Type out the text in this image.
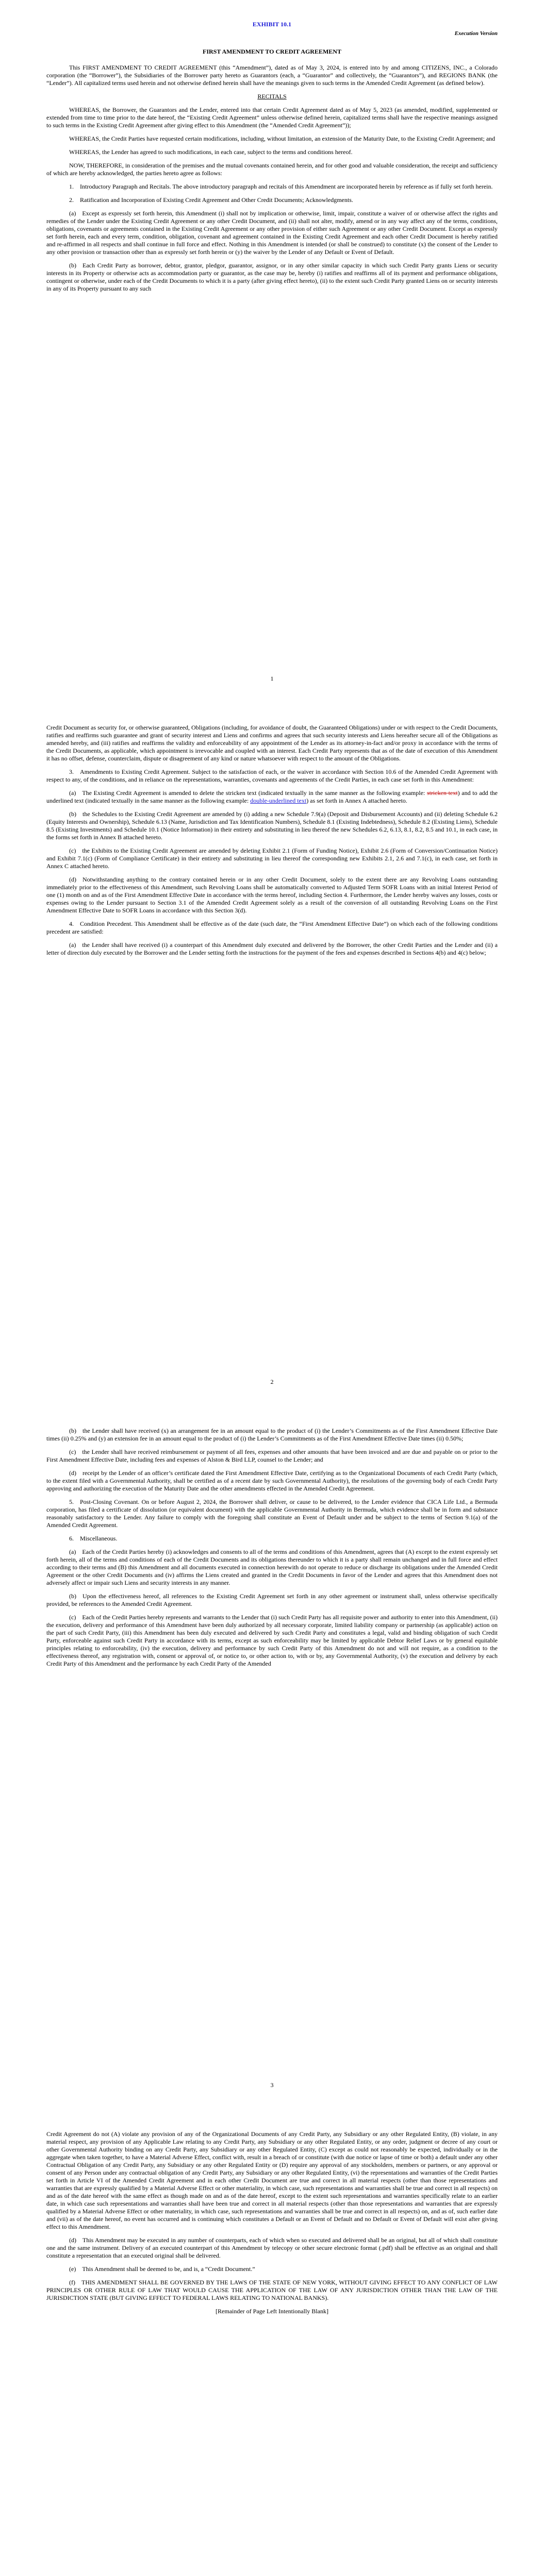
EXHIBIT 10.1

Execution Version

FIRST AMENDMENT TO CREDIT AGREEMENT

This FIRST AMENDMENT TO CREDIT AGREEMENT (this “Amendment”), dated as of May 3, 2024, is entered into by and among CITIZENS, INC., a Colorado corporation (the “Borrower”), the Subsidiaries of the Borrower party hereto as Guarantors (each, a “Guarantor” and collectively, the “Guarantors”), and REGIONS BANK (the “Lender”). All capitalized terms used herein and not otherwise defined herein shall have the meanings given to such terms in the Amended Credit Agreement (as defined below).

RECITALS

WHEREAS, the Borrower, the Guarantors and the Lender, entered into that certain Credit Agreement dated as of May 5, 2023 (as amended, modified, supplemented or extended from time to time prior to the date hereof, the “Existing Credit Agreement” unless otherwise defined herein, capitalized terms shall have the respective meanings assigned to such terms in the Existing Credit Agreement after giving effect to this Amendment (the “Amended Credit Agreement”));

WHEREAS, the Credit Parties have requested certain modifications, including, without limitation, an extension of the Maturity Date, to the Existing Credit Agreement; and

WHEREAS, the Lender has agreed to such modifications, in each case, subject to the terms and conditions hereof.

NOW, THEREFORE, in consideration of the premises and the mutual covenants contained herein, and for other good and valuable consideration, the receipt and sufficiency of which are hereby acknowledged, the parties hereto agree as follows:

1. Introductory Paragraph and Recitals. The above introductory paragraph and recitals of this Amendment are incorporated herein by reference as if fully set forth herein.

2. Ratification and Incorporation of Existing Credit Agreement and Other Credit Documents; Acknowledgments.

(a) Except as expressly set forth herein, this Amendment (i) shall not by implication or otherwise, limit, impair, constitute a waiver of or otherwise affect the rights and remedies of the Lender under the Existing Credit Agreement or any other Credit Document, and (ii) shall not alter, modify, amend or in any way affect any of the terms, conditions, obligations, covenants or agreements contained in the Existing Credit Agreement or any other provision of either such Agreement or any other Credit Document. Except as expressly set forth herein, each and every term, condition, obligation, covenant and agreement contained in the Existing Credit Agreement and each other Credit Document is hereby ratified and re-affirmed in all respects and shall continue in full force and effect. Nothing in this Amendment is intended (or shall be construed) to constitute (x) the consent of the Lender to any other provision or transaction other than as expressly set forth herein or (y) the waiver by the Lender of any Default or Event of Default.

(b) Each Credit Party as borrower, debtor, grantor, pledgor, guarantor, assignor, or in any other similar capacity in which such Credit Party grants Liens or security interests in its Property or otherwise acts as accommodation party or guarantor, as the case may be, hereby (i) ratifies and reaffirms all of its payment and performance obligations, contingent or otherwise, under each of the Credit Documents to which it is a party (after giving effect hereto), (ii) to the extent such Credit Party granted Liens on or security interests in any of its Property pursuant to any such

1

Credit Document as security for, or otherwise guaranteed, Obligations (including, for avoidance of doubt, the Guaranteed Obligations) under or with respect to the Credit Documents, ratifies and reaffirms such guarantee and grant of security interest and Liens and confirms and agrees that such security interests and Liens hereafter secure all of the Obligations as amended hereby, and (iii) ratifies and reaffirms the validity and enforceability of any appointment of the Lender as its attorney-in-fact and/or proxy in accordance with the terms of the Credit Documents, as applicable, which appointment is irrevocable and coupled with an interest. Each Credit Party represents that as of the date of execution of this Amendment it has no offset, defense, counterclaim, dispute or disagreement of any kind or nature whatsoever with respect to the amount of the Obligations.

3. Amendments to Existing Credit Agreement. Subject to the satisfaction of each, or the waiver in accordance with Section 10.6 of the Amended Credit Agreement with respect to any, of the conditions, and in reliance on the representations, warranties, covenants and agreements of the Credit Parties, in each case set forth in this Amendment:

(a) The Existing Credit Agreement is amended to delete the stricken text (indicated textually in the same manner as the following example: stricken text) and to add the underlined text (indicated textually in the same manner as the following example: double-underlined text) as set forth in Annex A attached hereto.

(b) the Schedules to the Existing Credit Agreement are amended by (i) adding a new Schedule 7.9(a) (Deposit and Disbursement Accounts) and (ii) deleting Schedule 6.2 (Equity Interests and Ownership), Schedule 6.13 (Name, Jurisdiction and Tax Identification Numbers), Schedule 8.1 (Existing Indebtedness), Schedule 8.2 (Existing Liens), Schedule 8.5 (Existing Investments) and Schedule 10.1 (Notice Information) in their entirety and substituting in lieu thereof the new Schedules 6.2, 6.13, 8.1, 8.2, 8.5 and 10.1, in each case, in the forms set forth in Annex B attached hereto.

(c) the Exhibits to the Existing Credit Agreement are amended by deleting Exhibit 2.1 (Form of Funding Notice), Exhibit 2.6 (Form of Conversion/Continuation Notice) and Exhibit 7.1(c) (Form of Compliance Certificate) in their entirety and substituting in lieu thereof the corresponding new Exhibits 2.1, 2.6 and 7.1(c), in each case, set forth in Annex C attached hereto.

(d) Notwithstanding anything to the contrary contained herein or in any other Credit Document, solely to the extent there are any Revolving Loans outstanding immediately prior to the effectiveness of this Amendment, such Revolving Loans shall be automatically converted to Adjusted Term SOFR Loans with an initial Interest Period of one (1) month on and as of the First Amendment Effective Date in accordance with the terms hereof, including Section 4. Furthermore, the Lender hereby waives any losses, costs or expenses owing to the Lender pursuant to Section 3.1 of the Amended Credit Agreement solely as a result of the conversion of all outstanding Revolving Loans on the First Amendment Effective Date to SOFR Loans in accordance with this Section 3(d).

4. Condition Precedent. This Amendment shall be effective as of the date (such date, the “First Amendment Effective Date”) on which each of the following conditions precedent are satisfied:

(a) the Lender shall have received (i) a counterpart of this Amendment duly executed and delivered by the Borrower, the other Credit Parties and the Lender and (ii) a letter of direction duly executed by the Borrower and the Lender setting forth the instructions for the payment of the fees and expenses described in Sections 4(b) and 4(c) below;

2

(b) the Lender shall have received (x) an arrangement fee in an amount equal to the product of (i) the Lender’s Commitments as of the First Amendment Effective Date times (ii) 0.25% and (y) an extension fee in an amount equal to the product of (i) the Lender’s Commitments as of the First Amendment Effective Date times (ii) 0.50%;

(c) the Lender shall have received reimbursement or payment of all fees, expenses and other amounts that have been invoiced and are due and payable on or prior to the First Amendment Effective Date, including fees and expenses of Alston & Bird LLP, counsel to the Lender; and

(d) receipt by the Lender of an officer’s certificate dated the First Amendment Effective Date, certifying as to the Organizational Documents of each Credit Party (which, to the extent filed with a Governmental Authority, shall be certified as of a recent date by such Governmental Authority), the resolutions of the governing body of each Credit Party approving and authorizing the execution of the Maturity Date and the other amendments effected in the Amended Credit Agreement.

5. Post-Closing Covenant. On or before August 2, 2024, the Borrower shall deliver, or cause to be delivered, to the Lender evidence that CICA Life Ltd., a Bermuda corporation, has filed a certificate of dissolution (or equivalent document) with the applicable Governmental Authority in Bermuda, which evidence shall be in form and substance reasonably satisfactory to the Lender. Any failure to comply with the foregoing shall constitute an Event of Default under and be subject to the terms of Section 9.1(a) of the Amended Credit Agreement.

6. Miscellaneous.

(a) Each of the Credit Parties hereby (i) acknowledges and consents to all of the terms and conditions of this Amendment, agrees that (A) except to the extent expressly set forth herein, all of the terms and conditions of each of the Credit Documents and its obligations thereunder to which it is a party shall remain unchanged and in full force and effect according to their terms and (B) this Amendment and all documents executed in connection herewith do not operate to reduce or discharge its obligations under the Amended Credit Agreement or the other Credit Documents and (iv) affirms the Liens created and granted in the Credit Documents in favor of the Lender and agrees that this Amendment does not adversely affect or impair such Liens and security interests in any manner.

(b) Upon the effectiveness hereof, all references to the Existing Credit Agreement set forth in any other agreement or instrument shall, unless otherwise specifically provided, be references to the Amended Credit Agreement.

(c) Each of the Credit Parties hereby represents and warrants to the Lender that (i) such Credit Party has all requisite power and authority to enter into this Amendment, (ii) the execution, delivery and performance of this Amendment have been duly authorized by all necessary corporate, limited liability company or partnership (as applicable) action on the part of such Credit Party, (iii) this Amendment has been duly executed and delivered by such Credit Party and constitutes a legal, valid and binding obligation of such Credit Party, enforceable against such Credit Party in accordance with its terms, except as such enforceability may be limited by applicable Debtor Relief Laws or by general equitable principles relating to enforceability, (iv) the execution, delivery and performance by such Credit Party of this Amendment do not and will not require, as a condition to the effectiveness thereof, any registration with, consent or approval of, or notice to, or other action to, with or by, any Governmental Authority, (v) the execution and delivery by each Credit Party of this Amendment and the performance by each Credit Party of the Amended

3

Credit Agreement do not (A) violate any provision of any of the Organizational Documents of any Credit Party, any Subsidiary or any other Regulated Entity, (B) violate, in any material respect, any provision of any Applicable Law relating to any Credit Party, any Subsidiary or any other Regulated Entity, or any order, judgment or decree of any court or other Governmental Authority binding on any Credit Party, any Subsidiary or any other Regulated Entity, (C) except as could not reasonably be expected, individually or in the aggregate when taken together, to have a Material Adverse Effect, conflict with, result in a breach of or constitute (with due notice or lapse of time or both) a default under any other Contractual Obligation of any Credit Party, any Subsidiary or any other Regulated Entity or (D) require any approval of any stockholders, members or partners, or any approval or consent of any Person under any contractual obligation of any Credit Party, any Subsidiary or any other Regulated Entity, (vi) the representations and warranties of the Credit Parties set forth in Article VI of the Amended Credit Agreement and in each other Credit Document are true and correct in all material respects (other than those representations and warranties that are expressly qualified by a Material Adverse Effect or other materiality, in which case, such representations and warranties shall be true and correct in all respects) on and as of the date hereof with the same effect as though made on and as of the date hereof, except to the extent such representations and warranties specifically relate to an earlier date, in which case such representations and warranties shall have been true and correct in all material respects (other than those representations and warranties that are expressly qualified by a Material Adverse Effect or other materiality, in which case, such representations and warranties shall be true and correct in all respects) on, and as of, such earlier date and (vii) as of the date hereof, no event has occurred and is continuing which constitutes a Default or an Event of Default and no Default or Event of Default will exist after giving effect to this Amendment.

(d) This Amendment may be executed in any number of counterparts, each of which when so executed and delivered shall be an original, but all of which shall constitute one and the same instrument. Delivery of an executed counterpart of this Amendment by telecopy or other secure electronic format (.pdf) shall be effective as an original and shall constitute a representation that an executed original shall be delivered.

(e) This Amendment shall be deemed to be, and is, a “Credit Document.”

(f) THIS AMENDMENT SHALL BE GOVERNED BY THE LAWS OF THE STATE OF NEW YORK, WITHOUT GIVING EFFECT TO ANY CONFLICT OF LAW PRINCIPLES OR OTHER RULE OF LAW THAT WOULD CAUSE THE APPLICATION OF THE LAW OF ANY JURISDICTION OTHER THAN THE LAW OF THE JURISDICTION STATE (BUT GIVING EFFECT TO FEDERAL LAWS RELATING TO NATIONAL BANKS).

[Remainder of Page Left Intentionally Blank]
